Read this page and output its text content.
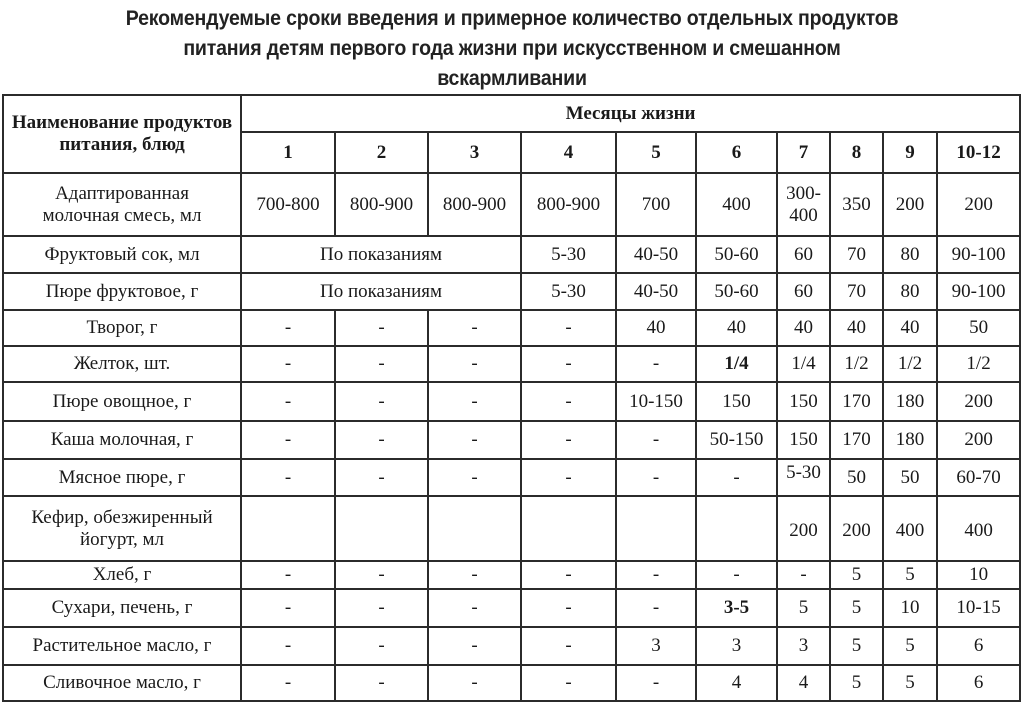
Рекомендуемые сроки введения и примерное количество отдельных продуктов
питания детям первого года жизни при искусственном и смешанном
вскармливании
Наименование продуктов питания, блюд	Месяцы жизни									
	1	2	3	4	5	6	7	8	9	10-12
Адаптированная молочная смесь, мл	700-800	800-900	800-900	800-900	700	400	300-400	350	200	200
Фруктовый сок, мл	По показаниям			5-30	40-50	50-60	60	70	80	90-100
Пюре фруктовое, г	По показаниям			5-30	40-50	50-60	60	70	80	90-100
Творог, г	-	-	-	-	40	40	40	40	40	50
Желток, шт.	-	-	-	-	-	1/4	1/4	1/2	1/2	1/2
Пюре овощное, г	-	-	-	-	10-150	150	150	170	180	200
Каша молочная, г	-	-	-	-	-	50-150	150	170	180	200
Мясное пюре, г	-	-	-	-	-	-	5-30	50	50	60-70
Кефир, обезжиренный йогурт, мл							200	200	400	400
Хлеб, г	-	-	-	-	-	-	-	5	5	10
Сухари, печень, г	-	-	-	-	-	3-5	5	5	10	10-15
Растительное масло, г	-	-	-	-	3	3	3	5	5	6
Сливочное масло, г	-	-	-	-	-	4	4	5	5	6
